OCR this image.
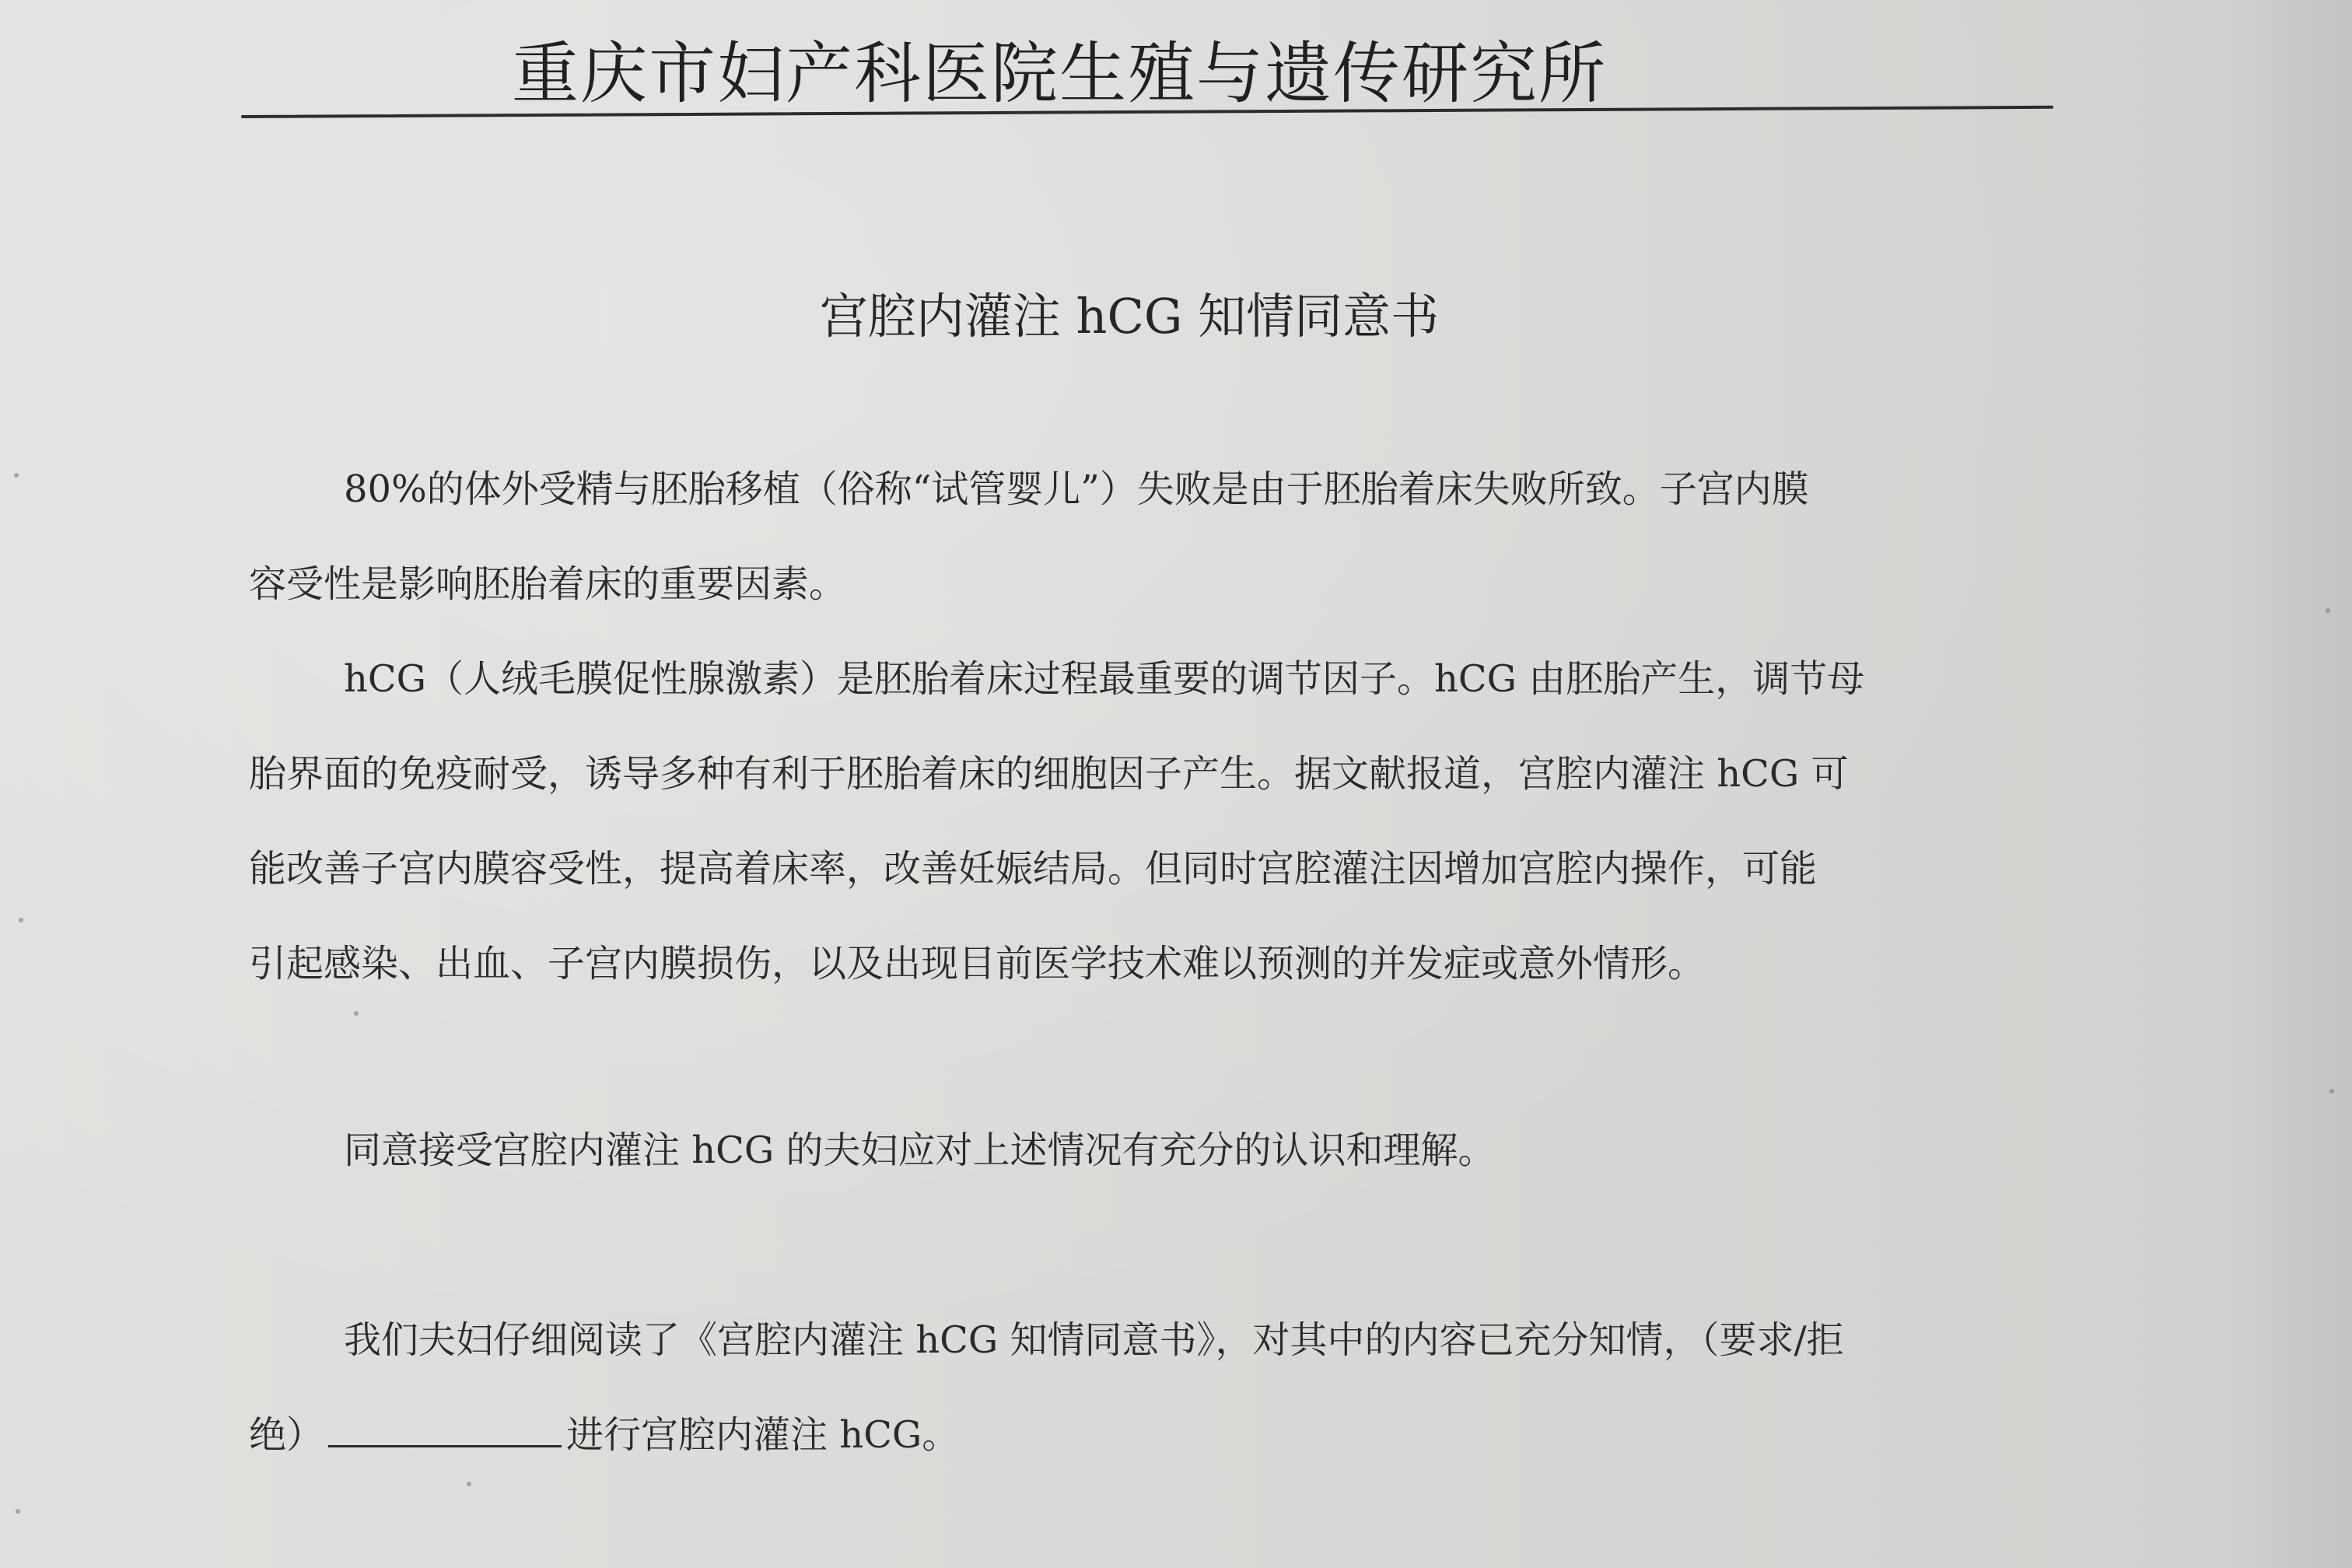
重庆市妇产科医院生殖与遗传研究所
宫腔内灌注 hCG 知情同意书

80%的体外受精与胚胎移植（俗称“试管婴儿”）失败是由于胚胎着床失败所致。子宫内膜
容受性是影响胚胎着床的重要因素。

hCG（人绒毛膜促性腺激素）是胚胎着床过程最重要的调节因子。hCG 由胚胎产生，调节母
胎界面的免疫耐受，诱导多种有利于胚胎着床的细胞因子产生。据文献报道，宫腔内灌注 hCG 可
能改善子宫内膜容受性，提高着床率，改善妊娠结局。但同时宫腔灌注因增加宫腔内操作，可能
引起感染、出血、子宫内膜损伤，以及出现目前医学技术难以预测的并发症或意外情形。

同意接受宫腔内灌注 hCG 的夫妇应对上述情况有充分的认识和理解。

我们夫妇仔细阅读了《宫腔内灌注 hCG 知情同意书》，对其中的内容已充分知情，（要求/拒
绝）	进行宫腔内灌注 hCG。
